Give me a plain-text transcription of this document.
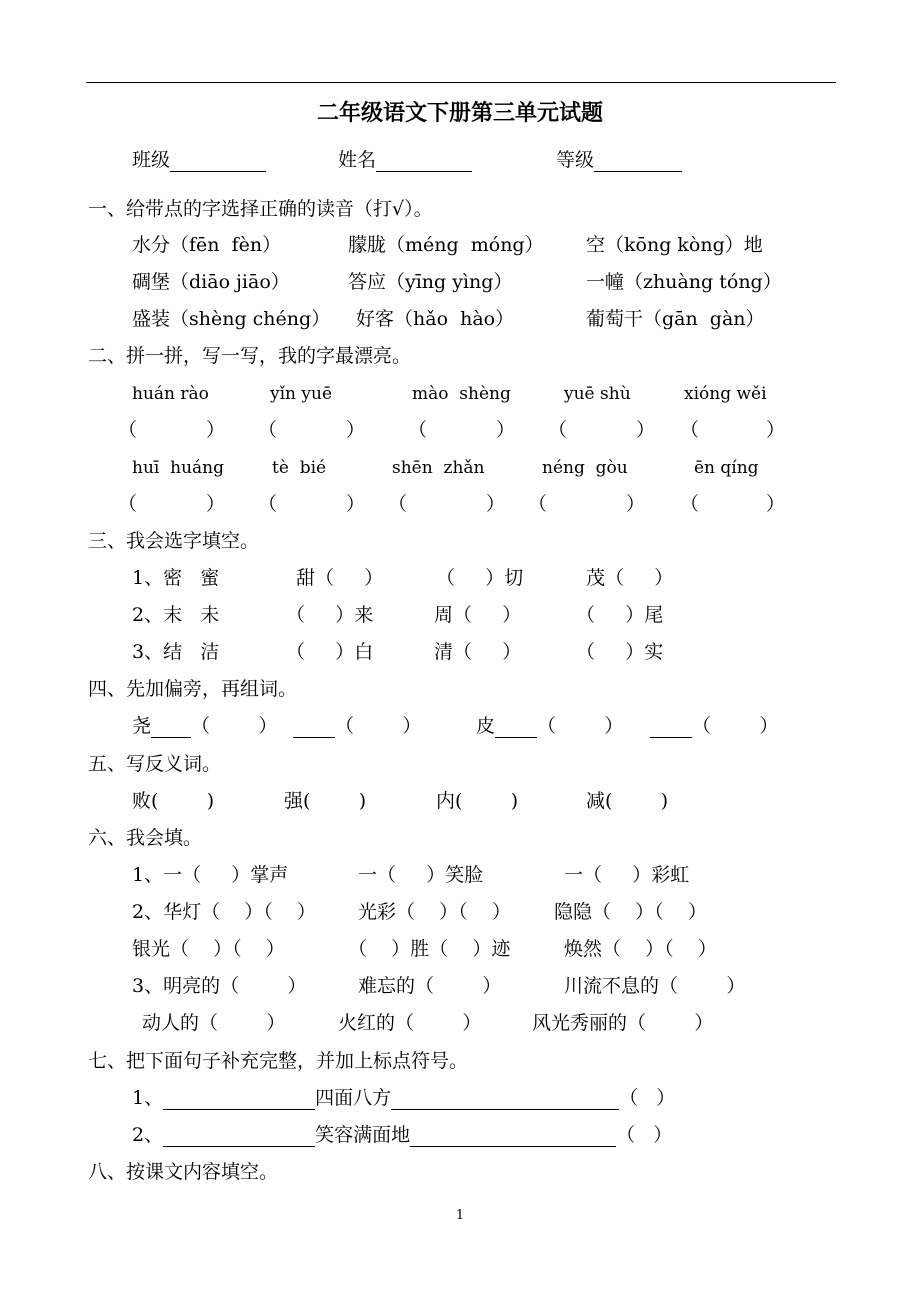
二年级语文下册第三单元试题
班级	姓名	等级
一、给带点的字选择正确的读音（打√）。
水分（fēn  fèn）	朦胧（méng  móng） 空（kōng kòng）地
碉堡（diāo jiāo）	答应（yīng yìng）	一幢（zhuàng tóng）
盛装（shèng chéng） 好客（hǎo  hào）	葡萄干（gān  gàn）
二、拼一拼，写一写，我的字最漂亮。
huán rào	yǐn yuē	mào  shèng	yuē shù	xióng wěi
（	） （	） （	） （	） （	）
huī  huáng	tè  bié	shēn  zhǎn	néng  gòu	ēn qíng
（	） （	） （	） （	） （	）
三、我会选字填空。
1、密   蜜	甜（     ）	（     ）切	茂（     ）
2、末   未	（     ）来	周（     ）	（     ）尾
3、结   洁	（     ）白	清（     ）	（     ）实
四、先加偏旁，再组词。
尧 （        ）	（        ）	皮 （        ）	（        ）
五、写反义词。
败(        )	强(        )	内(        )	减(        )
六、我会填。
1、一（     ）掌声	一（     ）笑脸	一（     ）彩虹
2、华灯（    ）（    ） 光彩（    ）（    ） 隐隐（    ）（    ）
银光（    ）（    ）	（    ）胜（    ）迹	焕然（    ）（    ）
3、明亮的（        ）	难忘的（        ）	川流不息的（        ）
动人的（        ）	火红的（        ）	风光秀丽的（        ）
七、把下面句子补充完整，并加上标点符号。
1、	四面八方	（   ）
2、	笑容满面地	（   ）
八、按课文内容填空。
1
